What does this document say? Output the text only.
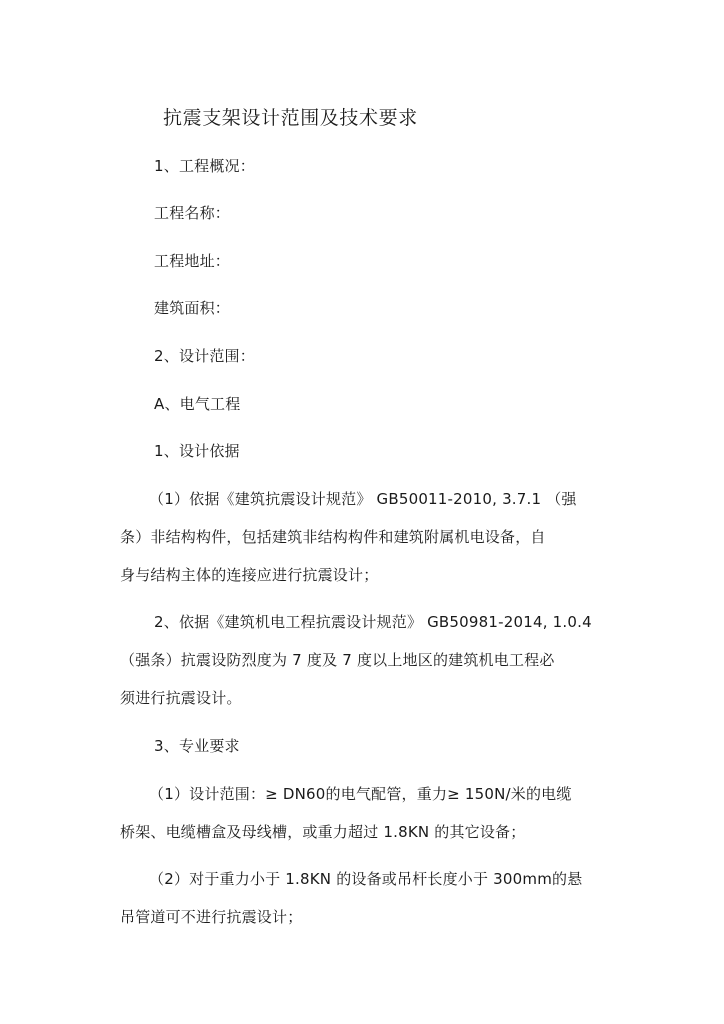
抗震支架设计范围及技术要求
1、工程概况：
工程名称：
工程地址：
建筑面积：
2、设计范围：
A、电气工程
1、设计依据
（1）依据《建筑抗震设计规范》 GB50011-2010, 3.7.1 （强
条）非结构构件，包括建筑非结构构件和建筑附属机电设备，自
身与结构主体的连接应进行抗震设计；
2、依据《建筑机电工程抗震设计规范》 GB50981-2014, 1.0.4
（强条）抗震设防烈度为 7 度及 7 度以上地区的建筑机电工程必
须进行抗震设计。
3、专业要求
（1）设计范围：≥ DN60的电气配管，重力≥ 150N/米的电缆
桥架、电缆槽盒及母线槽，或重力超过 1.8KN 的其它设备；
（2）对于重力小于 1.8KN 的设备或吊杆长度小于 300mm的悬
吊管道可不进行抗震设计；
